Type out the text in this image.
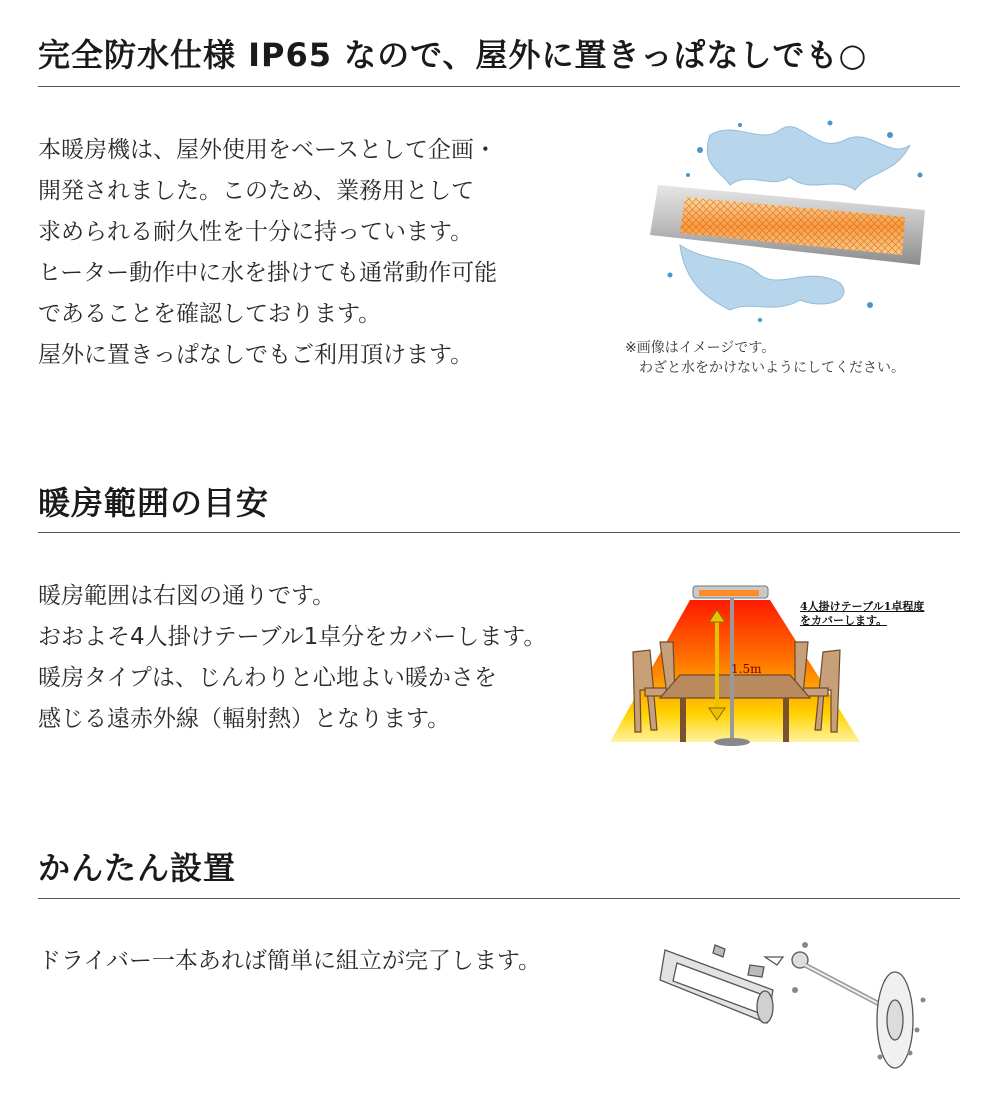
完全防水仕様 IP65 なので、屋外に置きっぱなしでも○
本暖房機は、屋外使用をベースとして企画・
開発されました。このため、業務用として
求められる耐久性を十分に持っています。
ヒーター動作中に水を掛けても通常動作可能
であることを確認しております。
屋外に置きっぱなしでもご利用頂けます。	※画像はイメージです。
　わざと水をかけないようにしてください。
暖房範囲の目安
暖房範囲は右図の通りです。
おおよそ4人掛けテーブル1卓分をカバーします。
暖房タイプは、じんわりと心地よい暖かさを
感じる遠赤外線（輻射熱）となります。
1.5m
4人掛けテーブル1卓程度
をカバーします。
かんたん設置
ドライバー一本あれば簡単に組立が完了します。
